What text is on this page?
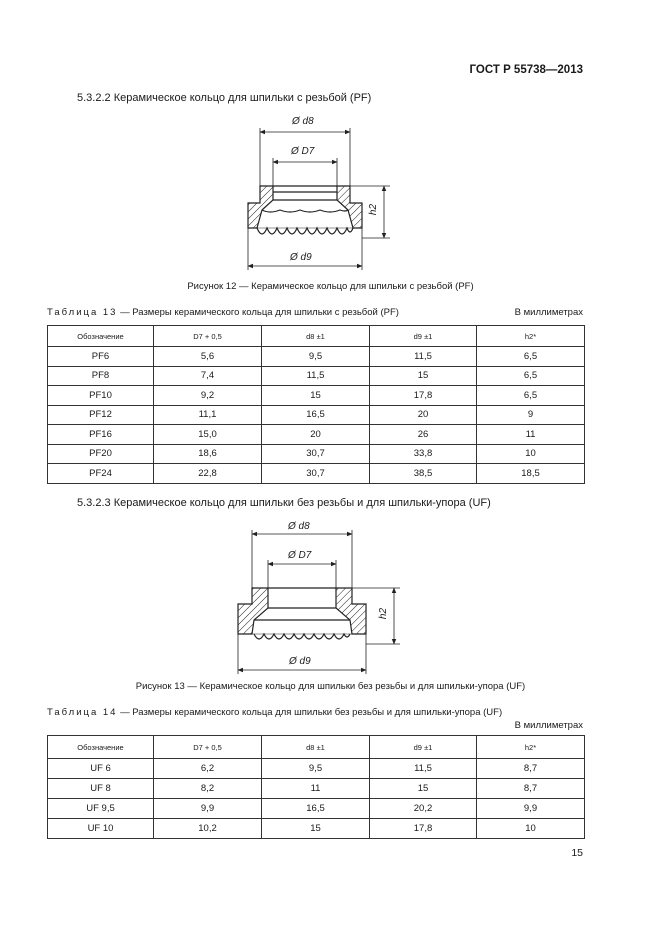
ГОСТ Р 55738—2013
5.3.2.2 Керамическое кольцо для шпильки с резьбой (PF)
Ø d8
Ø D7
h2
Ø d9
Рисунок 12 — Керамическое кольцо для шпильки с резьбой (PF)
Таблица 13 — Размеры керамического кольца для шпильки с резьбой (PF)	В миллиметрах
Обозначение	D7 + 0,5	d8 ±1	d9 ±1	h2*
PF6	5,6	9,5	11,5	6,5
PF8	7,4	11,5	15	6,5
PF10	9,2	15	17,8	6,5
PF12	11,1	16,5	20	9
PF16	15,0	20	26	11
PF20	18,6	30,7	33,8	10
PF24	22,8	30,7	38,5	18,5
5.3.2.3 Керамическое кольцо для шпильки без резьбы и для шпильки-упора (UF)
Ø d8
Ø D7
h2
Ø d9
Рисунок 13 — Керамическое кольцо для шпильки без резьбы и для шпильки-упора (UF)
Таблица 14 — Размеры керамического кольца для шпильки без резьбы и для шпильки-упора (UF)
В миллиметрах
Обозначение	D7 + 0,5	d8 ±1	d9 ±1	h2*
UF 6	6,2	9,5	11,5	8,7
UF 8	8,2	11	15	8,7
UF 9,5	9,9	16,5	20,2	9,9
UF 10	10,2	15	17,8	10
15
